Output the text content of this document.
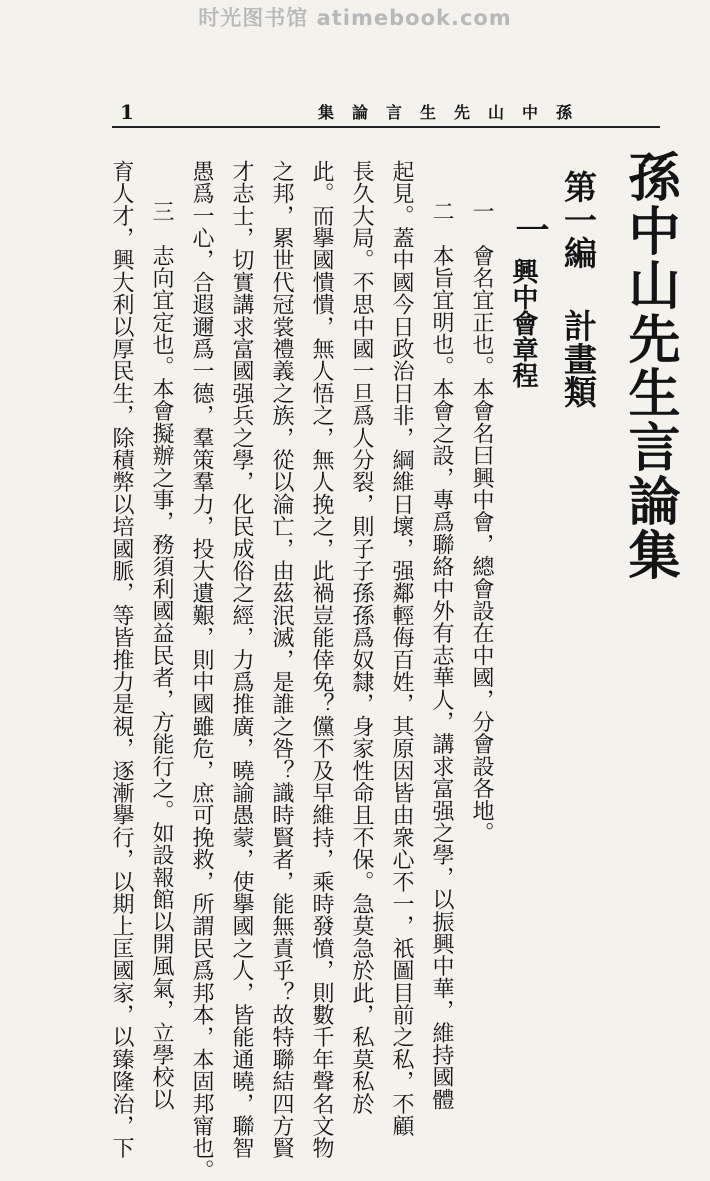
时光图书馆 atimebook.com
1	孫中山先生言論集
孫中山先生言論集
第一編計畫類
一
興中會章程
一　會名宜正也。本會名曰興中會，總會設在中國，分會設各地。
二　本旨宜明也。本會之設，專爲聯絡中外有志華人，講求富强之學，以振興中華，維持國體
起見。蓋中國今日政治日非，綱維日壞，强鄰輕侮百姓，其原因皆由衆心不一，祇圖目前之私，不顧
長久大局。不思中國一旦爲人分裂，則子子孫孫爲奴隸，身家性命且不保。急莫急於此，私莫私於
此。而擧國憒憒，無人悟之，無人挽之，此禍豈能倖免？儻不及早維持，乘時發憤，則數千年聲名文物
之邦，累世代冠裳禮義之族，從以淪亡，由茲泯滅，是誰之咎？識時賢者，能無責乎？故特聯結四方賢
才志士，切實講求富國强兵之學，化民成俗之經，力爲推廣，曉諭愚蒙，使擧國之人，皆能通曉，聯智
三　志向宜定也。本會擬辦之事，務須利國益民者，方能行之。如設報館以開風氣，立學校以
育人才，興大利以厚民生，除積弊以培國脈，等皆推力是視，逐漸擧行，以期上匡國家，以臻隆治，下	愚爲一心，合遐邇爲一德，羣策羣力，投大遺艱，則中國雖危，庶可挽救，所謂民爲邦本，本固邦甯也。
